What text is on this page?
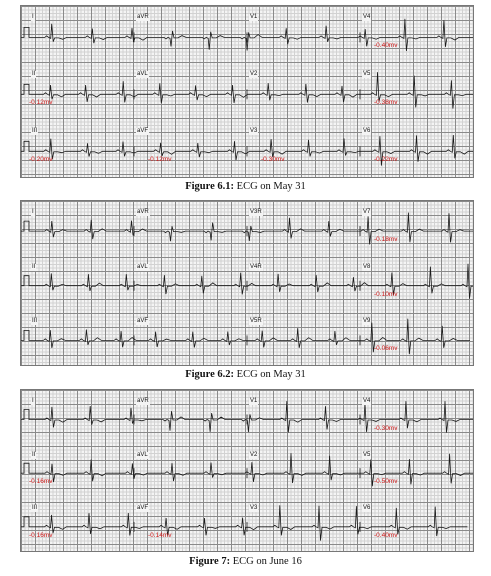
I	aVR	V1	V4
II	aVL	V2	V5
III	aVF	V3	V6
-0.40mv
-0.12mv	-0.38mv
-0.20mv	-0.12mv	-0.30mv	-0.22mv
Figure 6.1: ECG on May 31
I	aVR	V3R	V7
II	aVL	V4R	V8
III	aVF	V5R	V9
-0.18mv
-0.10mv
-0.06mv
Figure 6.2: ECG on May 31
I	aVR	V1	V4
II	aVL	V2	V5
III	aVF	V3	V6
-0.30mv
-0.16mv	-0.50mv
-0.16mv	-0.14mv	-0.40mv
Figure 7: ECG on June 16
